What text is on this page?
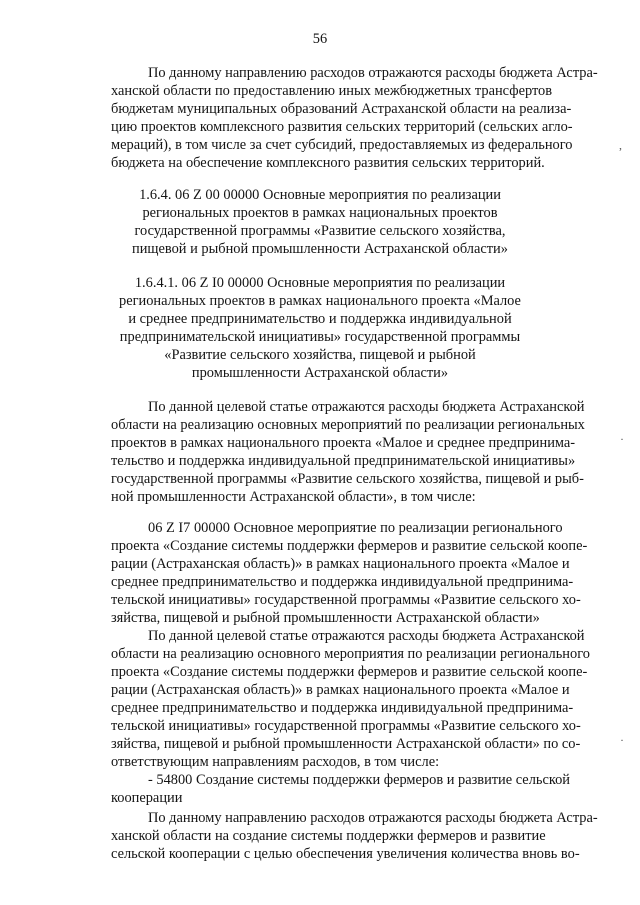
56
По данному направлению расходов отражаются расходы бюджета Астра-
ханской области по предоставлению иных межбюджетных трансфертов
бюджетам муниципальных образований Астраханской области на реализа-
цию проектов комплексного развития сельских территорий (сельских агло-
мераций), в том числе за счет субсидий, предоставляемых из федерального
бюджета на обеспечение комплексного развития сельских территорий.
1.6.4. 06 Z 00 00000 Основные мероприятия по реализации
региональных проектов в рамках национальных проектов
государственной программы «Развитие сельского хозяйства,
пищевой и рыбной промышленности Астраханской области»
1.6.4.1. 06 Z I0 00000 Основные мероприятия по реализации
региональных проектов в рамках национального проекта «Малое
и среднее предпринимательство и поддержка индивидуальной
предпринимательской инициативы» государственной программы
«Развитие сельского хозяйства, пищевой и рыбной
промышленности Астраханской области»
По данной целевой статье отражаются расходы бюджета Астраханской
области на реализацию основных мероприятий по реализации региональных
проектов в рамках национального проекта «Малое и среднее предпринима-
тельство и поддержка индивидуальной предпринимательской инициативы»
государственной программы «Развитие сельского хозяйства, пищевой и рыб-
ной промышленности Астраханской области», в том числе:
06 Z I7 00000 Основное мероприятие по реализации регионального
проекта «Создание системы поддержки фермеров и развитие сельской коопе-
рации (Астраханская область)» в рамках национального проекта «Малое и
среднее предпринимательство и поддержка индивидуальной предпринима-
тельской инициативы» государственной программы «Развитие сельского хо-
зяйства, пищевой и рыбной промышленности Астраханской области»
По данной целевой статье отражаются расходы бюджета Астраханской
области на реализацию основного мероприятия по реализации регионального
проекта «Создание системы поддержки фермеров и развитие сельской коопе-
рации (Астраханская область)» в рамках национального проекта «Малое и
среднее предпринимательство и поддержка индивидуальной предпринима-
тельской инициативы» государственной программы «Развитие сельского хо-
зяйства, пищевой и рыбной промышленности Астраханской области» по со-
ответствующим направлениям расходов, в том числе:
- 54800 Создание системы поддержки фермеров и развитие сельской
кооперации
По данному направлению расходов отражаются расходы бюджета Астра-
ханской области на создание системы поддержки фермеров и развитие
сельской кооперации с целью обеспечения увеличения количества вновь во-
,
·
·
